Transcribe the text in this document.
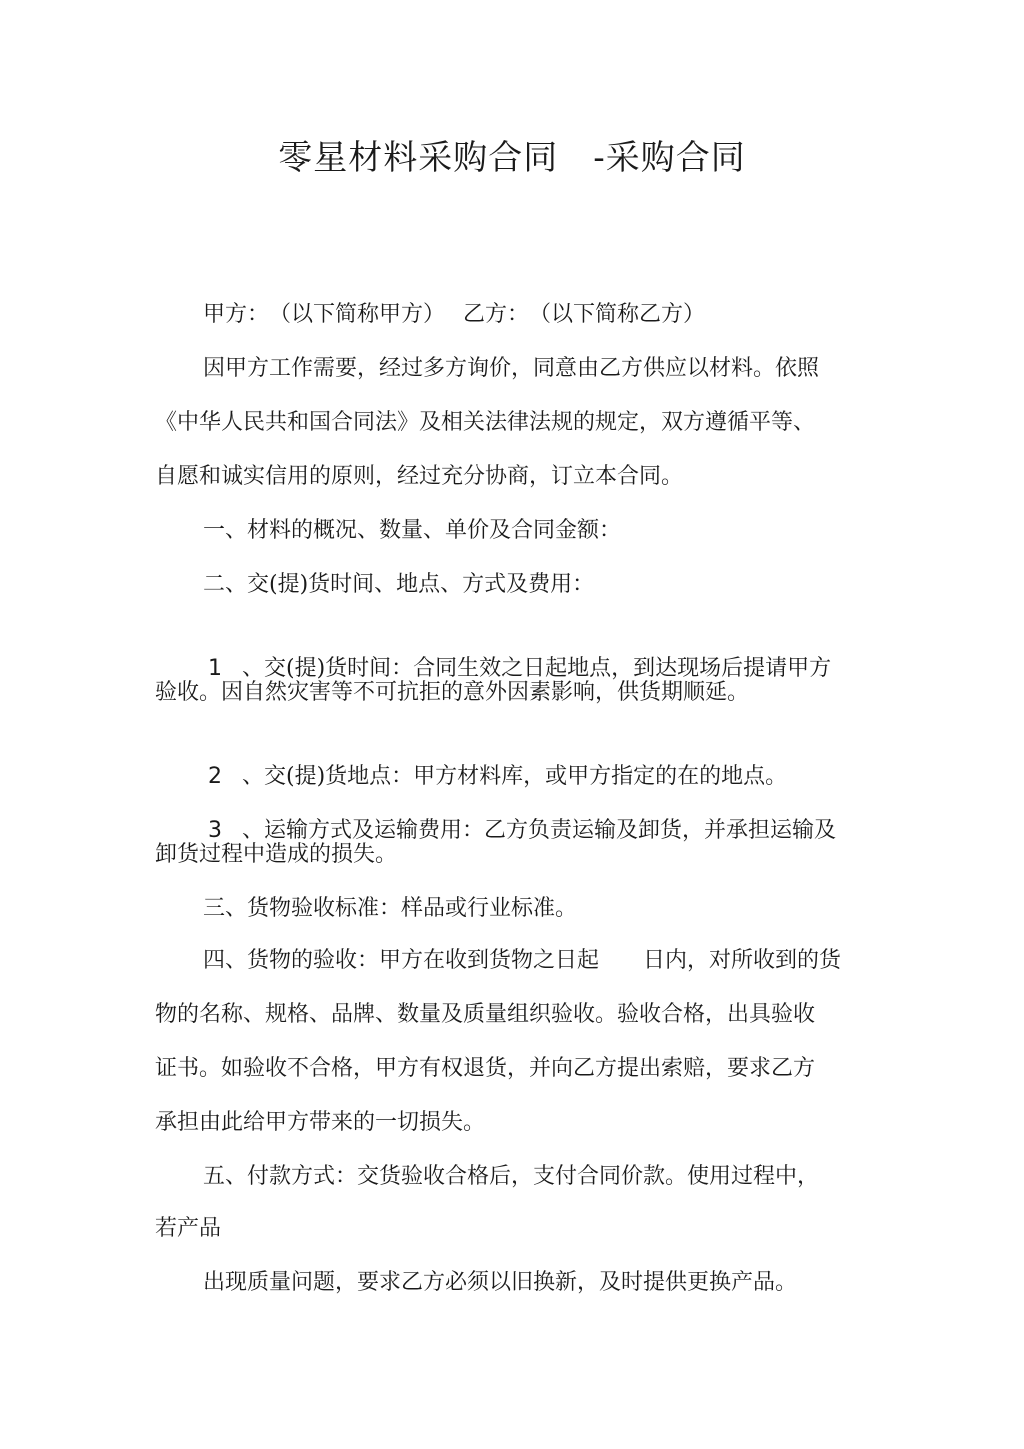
零星材料采购合同　-采购合同
甲方：　（以下简称甲方）　 乙方：　（以下简称乙方）
因甲方工作需要，经过多方询价，同意由乙方供应以材料。依照
《中华人民共和国合同法》及相关法律法规的规定，双方遵循平等、
自愿和诚实信用的原则，经过充分协商，订立本合同。
一、材料的概况、数量、单价及合同金额：
二、交(提)货时间、地点、方式及费用：

1 、交(提)货时间：合同生效之日起地点，到达现场后提请甲方

验收。因自然灾害等不可抗拒的意外因素影响，供货期顺延。

2 、交(提)货地点：甲方材料库，或甲方指定的在的地点。

3 、运输方式及运输费用：乙方负责运输及卸货，并承担运输及

卸货过程中造成的损失。
三、货物验收标准：样品或行业标准。
四、货物的验收：甲方在收到货物之日起　　日内，对所收到的货
物的名称、规格、品牌、数量及质量组织验收。验收合格，出具验收
证书。如验收不合格，甲方有权退货，并向乙方提出索赔，要求乙方
承担由此给甲方带来的一切损失。
五、付款方式：交货验收合格后，支付合同价款。使用过程中，
若产品
出现质量问题，要求乙方必须以旧换新，及时提供更换产品。
